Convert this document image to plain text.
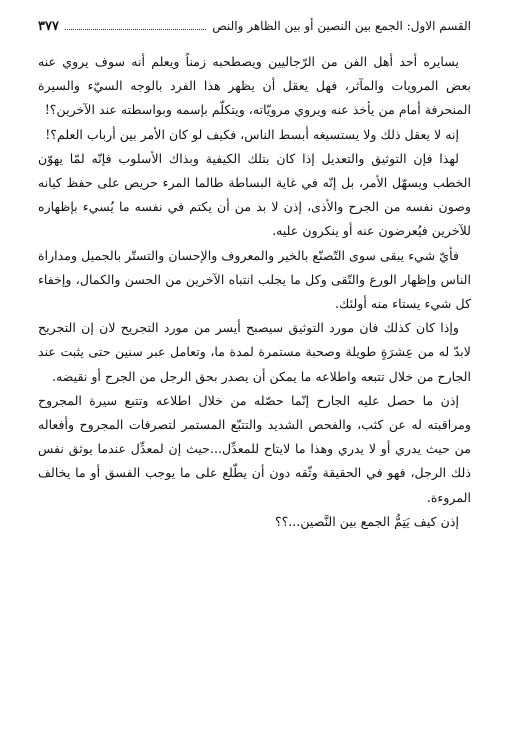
القسم الاول: الجمع بين النصين أو بين الظاهر والنص
٣٧٧

يسايره أحد أهل الفن من الرّجاليين ويصطحبه زمناً ويعلم أنه سوف يروي عنه بعض المرويات والمآثر، فهل يعقل أن يظهر هذا الفرد بالوجه السيّء والسيرة المنحرفة أمام من يأخذ عنه ويروي مرويّاته، ويتكلّم بإسمه وبواسطته عند الآخرين؟!

إنه لا يعقل ذلك ولا يستسيغه أبسط الناس، فكيف لو كان الأمر بين أرباب العلم؟!

لهذا فإن التوثيق والتعديل إذا كان بتلك الكيفية وبذاك الأسلوب فإنّه لمّا يهوّن الخطب ويسهّل الأمر، بل إنّه في غاية البساطة طالما المرء حريص على حفظ كيانه وصون نفسه من الجرح والأذى، إذن لا بد من أن يكتم في نفسه ما يُسيء بإظهاره للآخرين فيُعرضون عنه أو ينكرون عليه.

فأيّ شيء يبقى سوى التّصنّع بالخير والمعروف والإحسان والتستّر بالجميل ومداراة الناس وإظهار الورع والتّقى وكل ما يجلب انتباه الآخرين من الحسن والكمال، وإخفاء كل شيء يستاء منه أولئك.

وإذا كان كذلك فان مورد التوثيق سيصبح أيسر من مورد التجريح لان إن التجريح لابدّ له من عِشرَةٍ طويلة وصحبة مستمرة لمدة ما، وتعامل عبر سنين حتى يثبت عند الجارح من خلال تتبعه واطلاعه ما يمكن أن يصدر بحق الرجل من الجرح أو نقيضه.

إذن ما حصل عليه الجارح إنّما حصّله من خلال اطلاعه وتتبع سيرة المجروح ومراقبته له عن كثب، والفحص الشديد والتتبّع المستمر لتصرفات المجروح وأفعاله من حيث يدري أو لا يدري وهذا ما لايتاح للمعدِّل...حيث إن لمعدِّل عندما يوثق نفس ذلك الرجل، فهو في الحقيقة وثّقه دون أن يطّلع على ما يوجب الفسق أو ما يخالف المروءة.

إذن كيف يَتِمُّ الجمع بين النَّصين...؟؟
